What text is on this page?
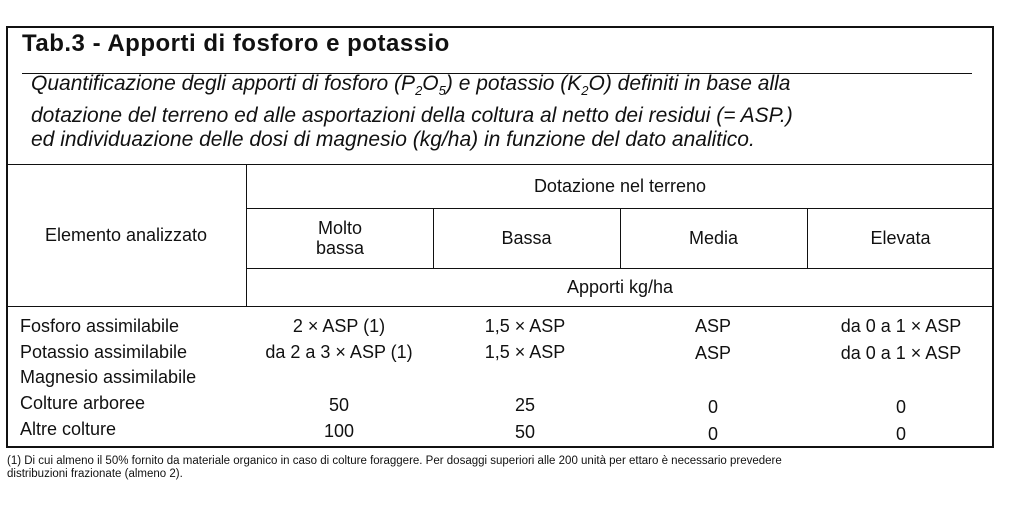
Tab.3 - Apporti di fosforo e potassio
Quantificazione degli apporti di fosforo $(P_2O_5)$ e potassio $(K_2O)$ definiti in base alla
dotazione del terreno ed alle asportazioni della coltura al netto dei residui (= ASP.)
ed individuazione delle dosi di magnesio (kg/ha) in funzione del dato analitico.
Elemento analizzato
Dotazione nel terreno
Molto bassa	Bassa	Media	Elevata
Apporti kg/ha
Fosforo assimilabile	2 × ASP (1)	1,5 × ASP	ASP	da 0 a 1 × ASP
Potassio assimilabile	da 2 a 3 × ASP (1)	1,5 × ASP	ASP	da 0 a 1 × ASP
Magnesio assimilabile
Colture arboree	50	25	0	0
Altre colture	100	50	0	0
(1) Di cui almeno il 50% fornito da materiale organico in caso di colture foraggere. Per dosaggi superiori alle 200 unità per ettaro è necessario prevedere
distribuzioni frazionate (almeno 2).
